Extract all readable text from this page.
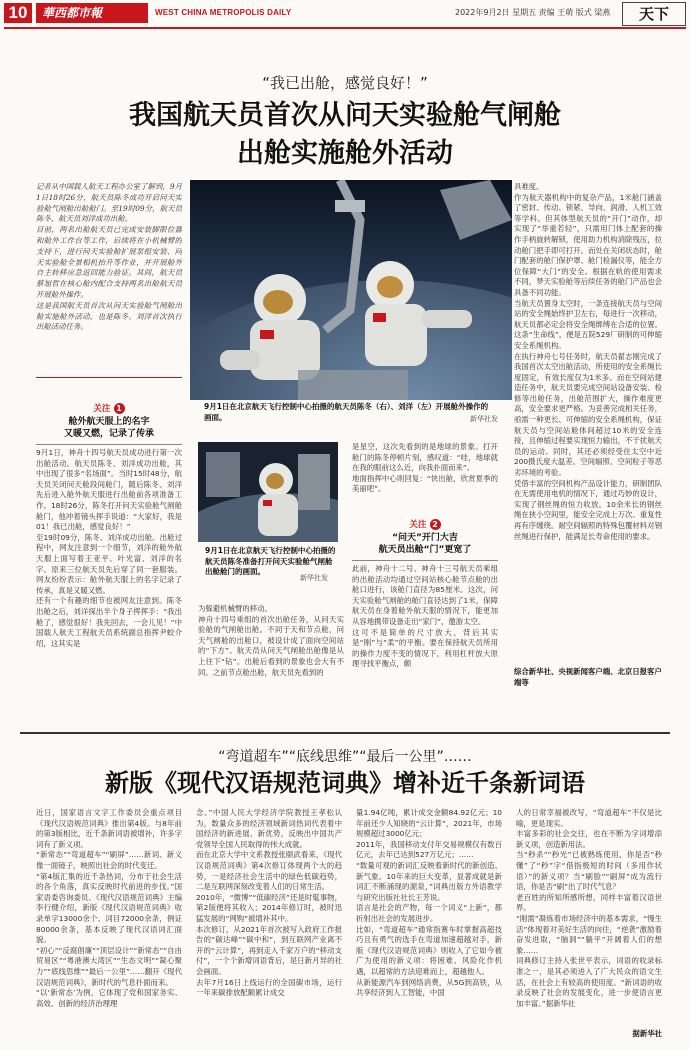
10	華西都市報	WEST CHINA METROPOLIS DAILY	2022年9月2日 星期五 责编 王萌 版式 梁燕	天下
“我已出舱，感觉良好！”
我国航天员首次从问天实验舱气闸舱
出舱实施舱外活动
记者从中国载人航天工程办公室了解到，9月1日18时26分，航天员陈冬成功开启问天实验舱气闸舱出舱舱门。至19时09分，航天员陈冬、航天员刘洋成功出舱。
目前，两名出舱航天员已完成安装脚限位器和舱外工作台等工作，后续将在小机械臂的支持下，进行问天实验舱扩展泵组安装、问天实验舱全景相机抬升等作业，并开展舱外自主转移应急返回能力验证。其间，航天员蔡旭哲在核心舱内配合支持两名出舱航天员开展舱外操作。
这是我国航天员首次从问天实验舱气闸舱出舱实施舱外活动，也是陈冬、刘洋首次执行出舱活动任务。
9月1日在北京航天飞行控制中心拍摄的航天员陈冬（右）、刘洋（左）开展舱外操作的画面。	新华社发
关注 1
舱外航天服上的名字
又暖又燃，记录了传承
9月1日，神舟十四号航天员成功进行第一次出舱活动。航天员陈冬、刘洋成功出舱，其中出现了很多“名场面”。当时15时48分，航天员关闭问天舱段间舱门，随后陈冬、刘洋先后进入舱外航天服进行出舱前各项准备工作。18时26分，陈冬打开问天实验舱气闸舱舱门，他冲着镜头挥手说道：“大家好，我是01！我已出舱，感觉良好！”
至19时09分，陈冬、刘洋成功出舱。出舱过程中，网友注意到一个细节，刘洋的舱外航天服上面写着王亚平、叶光富、刘洋的名字。原来三位航天员先后穿了同一套服装。网友纷纷表示：舱外航天服上的名字记录了传承，真是又暖又燃。
还有一个有趣的细节也被网友注意到。陈冬出舱之后，刘洋探出半个身子挥挥手：“我出舱了，感觉很好！我先回去，一会儿见！”中国载人航天工程航天员系统副总指挥尹蛟介绍，这其实是
9月1日在北京航天飞行控制中心拍摄的航天员陈冬准备打开问天实验舱气闸舱出舱舱门的画面。
新华社发
为躲避机械臂的移动。
神舟十四号乘组的首次出舱任务，从问天实验舱的气闸舱出舱。不同于天和节点舱，问天气闸舱的出舱口，被设计成了面向空间站的“下方”。航天员从问天气闸舱出舱像是从上往下“钻”。出舱后看到的景象也会大有不同。之前节点舱出舱，航天员先看到的
是星空，这次先看到的是地球的景象。打开舱门的陈冬停顿片刻，感叹道：“哇，地球就在我的眼前这么近，向我扑面而来”。
地面指挥中心则回复：“快出舱，欣赏夏季的美丽吧”。
关注 2
“问天”开门大吉
航天员出舱“门”更宽了
此前，神舟十二号、神舟十三号航天员乘组的出舱活动均通过空间站核心舱节点舱的出舱口进行，该舱门直径为85厘米。这次，问天实验舱气闸舱的舱门直径达到了1米，保障航天员在身着舱外航天服的情况下，能更加从容地携带设备走出“家门”，邀游太空。
这可不是简单的尺寸放大，背后其实是“刚”与“柔”的平衡。要在保持航天员所用的操作力度不变的情况下，利用杠杆放大原理寻找平衡点，颇
具难度。
作为航天器机构中的复杂产品，1米舱门涵盖了密封、传动、锁紧、导向、润滑、人机工效等学科。但其体型航天员的“开门”动作，却实现了“举重若轻”，只需用门体上配套的操作手柄旋转解锁，使用助力机构消除残压，拉动舱门把手即可打开。而处在关闭状态时，舱门配套的舱门保护罩、舱门检漏仪等，能全方位保障“大门”的安全。根据在轨的使用需求不同，梦天实验舱等后续任务的舱门产品也会具备不同功能。
当航天员置身太空时，一条连接航天员与空间站的安全绳始终护卫左右，每进行一次移动，航天员都必定会将安全绳绑缚在合适的位置。这条“生命线”，便是五院529厂研制的可伸缩安全系绳机构。
在执行神舟七号任务时，航天员翟志刚完成了我国首次太空出舱活动，所使用的安全系绳长度固定，有效长度仅为1米多。而在空间站建造任务中，航天员要完成空间站设备安装、检修等出舱任务，出舱范围扩大，操作难度更高，安全要求更严格。为妥善完成相关任务，亟需一种更长、可伸缩的安全系绳机构，保证航天员与空间站舱体间超过10米的安全连接，且伸缩过程要实现恒力输出，不干扰航天员的运动。同时，其还必须经受住太空中近200摄氏度大温差、空间辐照、空间粒子等恶劣环境的考验。
凭借丰富的空间机构产品设计能力，研制团队在无需使用电机的情况下，通过巧妙的设计，实现了钢丝绳的恒力收放。10余米长的钢丝绳在狭小空间里，能安全完成上万次、重复性再有序缠绕。耐空间辐照的特殊包覆材料对钢丝绳进行保护，能满足长寿命使用的要求。
综合新华社、央视新闻客户端、北京日报客户端等
“弯道超车”“底线思维”“最后一公里”……
新版《现代汉语规范词典》增补近千条新词语
近日，国家语言文字工作委员会重点项目《现代汉语规范词典》推出第4版。与8年前的第3版相比，近千条新词语被增补，许多字词有了新义项。
“新常态”“弯道超车”“刷屏”……新词、新义像一面镜子，映照出社会的时代变迁。
“第4版汇集的近千条热词，分布于社会生活的各个角落，真实反映时代前进的步伐。”国家语委咨询委员、《现代汉语规范词典》主编李行健介绍，新版《现代汉语规范词典》收录单字13000余个、词目72000余条，例证80000余条，基本反映了现代汉语词汇面貌。
“初心”“反腐倡廉”“顶层设计”“新常态”“自由贸易区”“粤港澳大湾区”“生态文明”“凝心聚力”“底线思维”“最后一公里”……翻开《现代汉语规范词典》，新时代的气息扑面而来。
“以‘新常态’为例，它体现了党和国家务实、高效、创新的经济治理理
念。”中国人民大学经济学院教授王孝松认为，数量众多的经济领域新词热词代表着中国经济的新进展、新优势，反映出中国共产党领导全国人民取得的伟大成就。
而在北京大学中文系教授张颐武看来，《现代汉语规范词典》第4次修订体现两个大的趋势，一是经济社会生活中的绿色低碳趋势，二是互联网深刻改变着人们的日常生活。
2010年，“微博”“低碳经济”还是时髦事物，第2版便将其收入；2014年修订时，被时迅猛发展的“网购”被增补其中。
本次修订，从2021年首次被写入政府工作报告的“碳达峰”“碳中和”，到互联网产业离不开的“云计算”，再到走入千家万户的“移动支付”，一个个新增词语背后，是日新月异的社会画面。
去年7月16日上线运行的全国碳市场，运行一年来碳排放配额累计成交
量1.94亿吨，累计成交金额84.92亿元；10年前还少人知晓的“云计算”，2021年，市场规模超过3000亿元；
2011年，我国移动支付年交易规模仅有数百亿元，去年已达到527万亿元；……
“数量可观的新词汇反映着新时代的新创造、新气象。10年来的巨大变革，显著成就是新词汇不断涌现的源泉，”词典出版方外语教学与研究出版社社长王芳说。
语言是社会的产物，每一个词义“上新”，都折射出社会的发展进步。
比如，“弯道超车”通常指赛车时掌握高超技巧且有勇气的选手在弯道加速超越对手，新版《现代汉语规范词典》则收入了它如今被广为使用的新义项：将困难、风险化作机遇，以超常的方法迎难而上，超越他人。
从新能源汽车到网络消费，从5G到高铁，从共享经济到人工智能，中国
人的日常幸福被改写，“弯道超车”不仅是比喻，更是现实。
丰富多彩的社会交往，也在不断为字词增添新义项，创造新用法。
当“秒杀”“秒光”已被熟练使用，你是否“秒懂”了“秒”字“借指极短的时间（多用作状语）”的新义项？当“刷脸”“刷屏”成为流行语，你是否“刷”出了时代气息？
老百姓的所知所感所想，同样丰富着汉语世界。
“刚需”凝炼着市场经济中的基本需求，“慢生活”体现着对美好生活的向往，“逆袭”激励着奋发进取，“脑洞”“躺平”开阔着人们的想象……
词典修订主持人张世平表示，词语的收录标准之一，是其必须进入了广大民众的语文生活，在社会上有较高的使用度。“新词语的收录反映了社会的发展变化，进一步使语言更加丰富。”据新华社
据新华社
